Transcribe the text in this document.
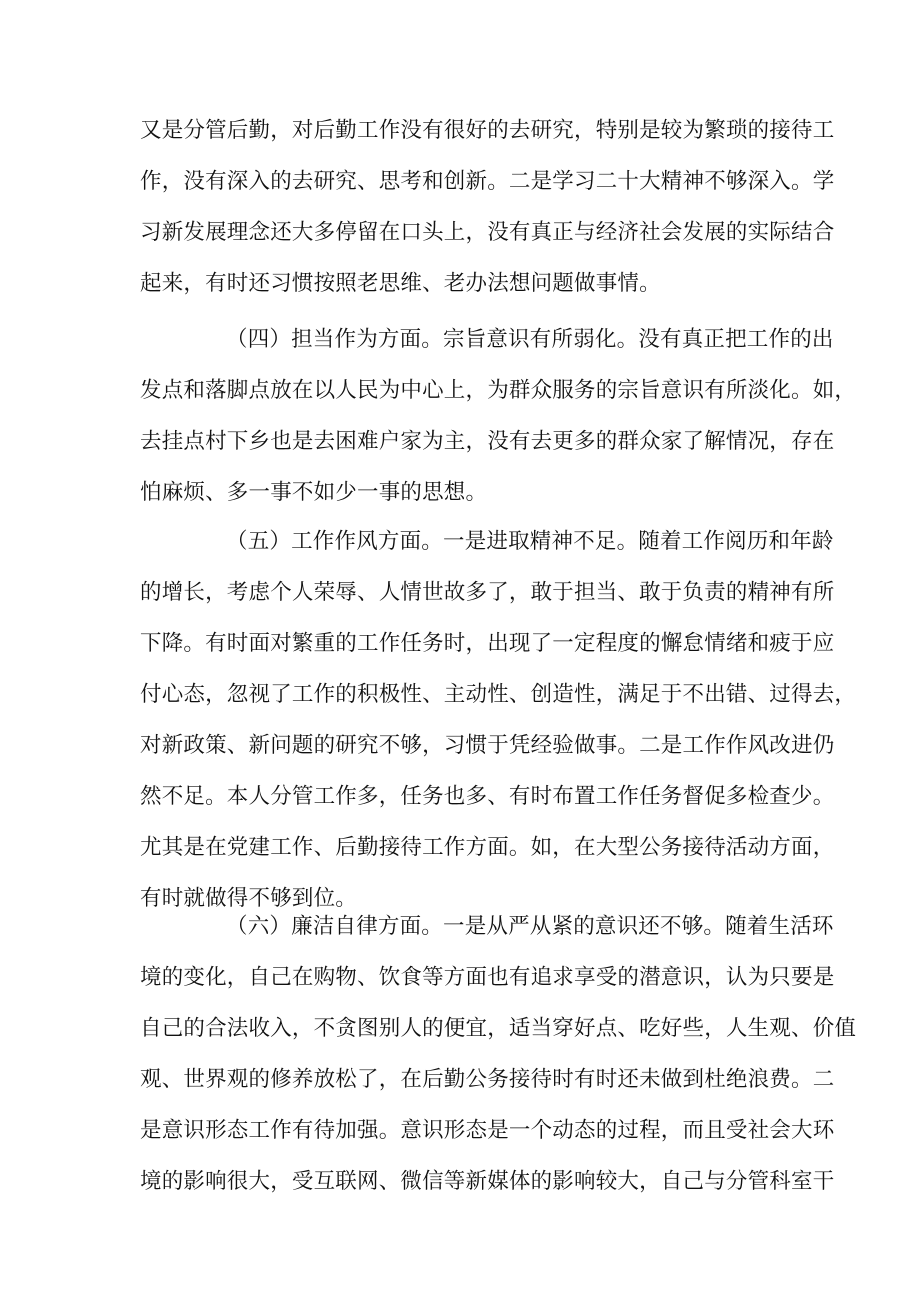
又是分管后勤，对后勤工作没有很好的去研究，特别是较为繁琐的接待工
作，没有深入的去研究、思考和创新。二是学习二十大精神不够深入。学
习新发展理念还大多停留在口头上，没有真正与经济社会发展的实际结合
起来，有时还习惯按照老思维、老办法想问题做事情。
（四）担当作为方面。宗旨意识有所弱化。没有真正把工作的出
发点和落脚点放在以人民为中心上，为群众服务的宗旨意识有所淡化。如，
去挂点村下乡也是去困难户家为主，没有去更多的群众家了解情况，存在
怕麻烦、多一事不如少一事的思想。
（五）工作作风方面。一是进取精神不足。随着工作阅历和年龄
的增长，考虑个人荣辱、人情世故多了，敢于担当、敢于负责的精神有所
下降。有时面对繁重的工作任务时，出现了一定程度的懈怠情绪和疲于应
付心态，忽视了工作的积极性、主动性、创造性，满足于不出错、过得去，
对新政策、新问题的研究不够，习惯于凭经验做事。二是工作作风改进仍
然不足。本人分管工作多，任务也多、有时布置工作任务督促多检查少。
尤其是在党建工作、后勤接待工作方面。如，在大型公务接待活动方面，
有时就做得不够到位。
（六）廉洁自律方面。一是从严从紧的意识还不够。随着生活环
境的变化，自己在购物、饮食等方面也有追求享受的潜意识，认为只要是
自己的合法收入，不贪图别人的便宜，适当穿好点、吃好些，人生观、价值
观、世界观的修养放松了，在后勤公务接待时有时还未做到杜绝浪费。二
是意识形态工作有待加强。意识形态是一个动态的过程，而且受社会大环
境的影响很大，受互联网、微信等新媒体的影响较大，自己与分管科室干
